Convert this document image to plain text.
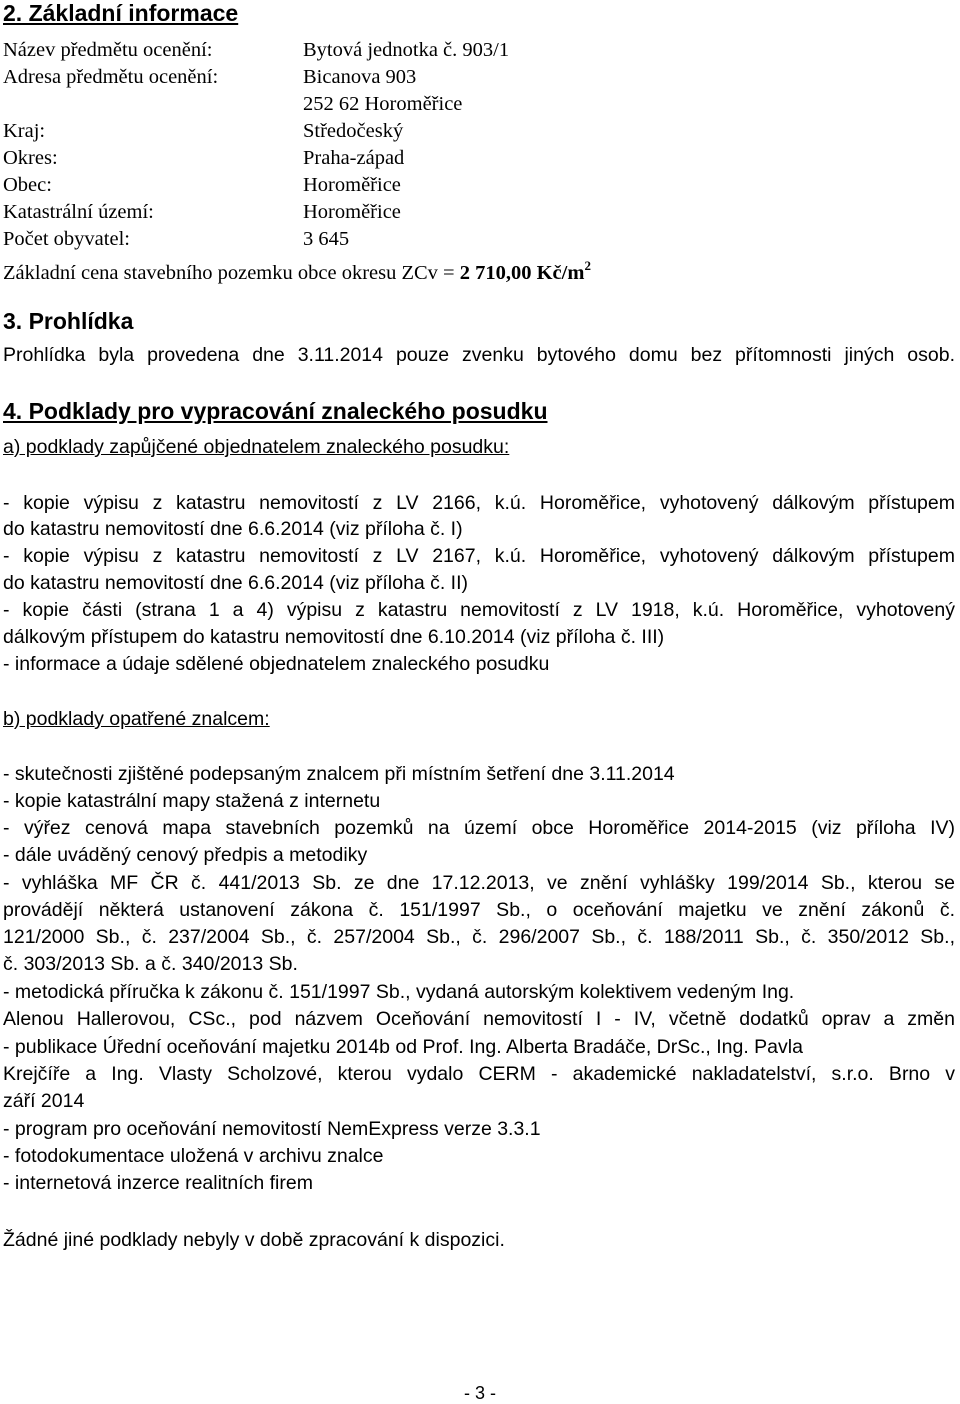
2. Základní informace
Název předmětu ocenění:	Bytová jednotka č. 903/1
Adresa předmětu ocenění:	Bicanova 903
252 62 Horoměřice
Kraj:	Středočeský
Okres:	Praha-západ
Obec:	Horoměřice
Katastrální území:	Horoměřice
Počet obyvatel:	3 645
Základní cena stavebního pozemku obce okresu ZCv = 2 710,00 $Kč/m^2$
3. Prohlídka
Prohlídka byla provedena dne 3.11.2014 pouze zvenku bytového domu bez přítomnosti jiných osob.
4. Podklady pro vypracování znaleckého posudku
a) podklady zapůjčené objednatelem znaleckého posudku:
- kopie výpisu z katastru nemovitostí z LV 2166, k.ú. Horoměřice, vyhotovený dálkovým přístupem
do katastru nemovitostí dne 6.6.2014 (viz příloha č. I)
- kopie výpisu z katastru nemovitostí z LV 2167, k.ú. Horoměřice, vyhotovený dálkovým přístupem
do katastru nemovitostí dne 6.6.2014 (viz příloha č. II)
- kopie části (strana 1 a 4) výpisu z katastru nemovitostí z LV 1918, k.ú. Horoměřice, vyhotovený
dálkovým přístupem do katastru nemovitostí dne 6.10.2014 (viz příloha č. III)
- informace a údaje sdělené objednatelem znaleckého posudku
b) podklady opatřené znalcem:
- skutečnosti zjištěné podepsaným znalcem při místním šetření dne 3.11.2014
- kopie katastrální mapy stažená z internetu
- výřez cenová mapa stavebních pozemků na území obce Horoměřice 2014-2015 (viz příloha IV)
- dále uváděný cenový předpis a metodiky
- vyhláška MF ČR č. 441/2013 Sb. ze dne 17.12.2013, ve znění vyhlášky 199/2014 Sb., kterou se
provádějí některá ustanovení zákona č. 151/1997 Sb., o oceňování majetku ve znění zákonů č.
121/2000 Sb., č. 237/2004 Sb., č. 257/2004 Sb., č. 296/2007 Sb., č. 188/2011 Sb., č. 350/2012 Sb.,
č. 303/2013 Sb. a č. 340/2013 Sb.
- metodická příručka k zákonu č. 151/1997 Sb., vydaná autorským kolektivem vedeným Ing.
Alenou Hallerovou, CSc., pod názvem Oceňování nemovitostí I - IV, včetně dodatků oprav a změn
- publikace Úřední oceňování majetku 2014b od Prof. Ing. Alberta Bradáče, DrSc., Ing. Pavla
Krejčíře a Ing. Vlasty Scholzové, kterou vydalo CERM - akademické nakladatelství, s.r.o. Brno v
září 2014
- program pro oceňování nemovitostí NemExpress verze 3.3.1
- fotodokumentace uložená v archivu znalce
- internetová inzerce realitních firem
Žádné jiné podklady nebyly v době zpracování k dispozici.
- 3 -
